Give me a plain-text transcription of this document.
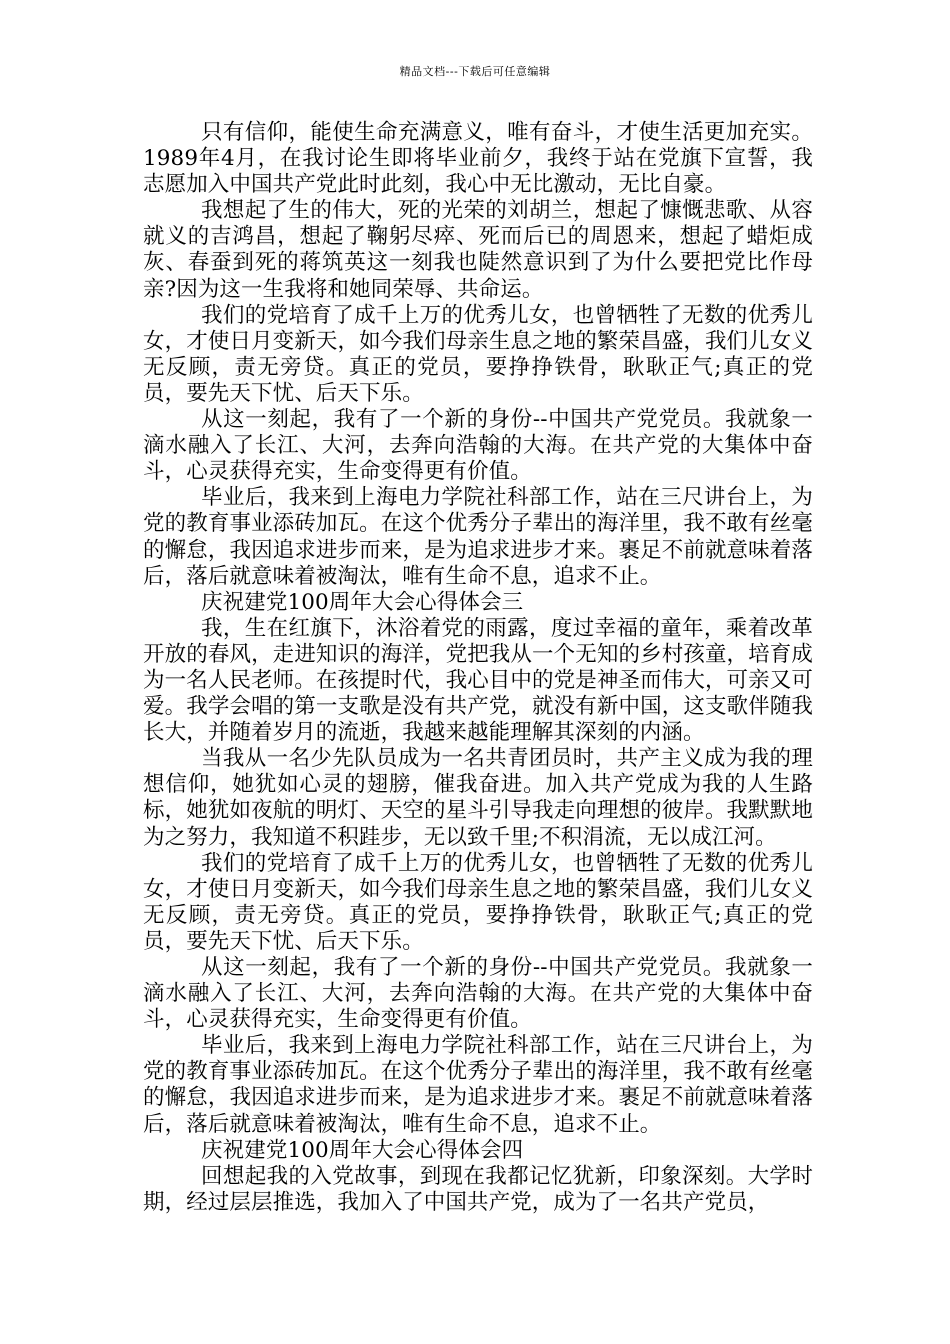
精品文档---下载后可任意编辑

只有信仰，能使生命充满意义，唯有奋斗，才使生活更加充实。1989年4月，在我讨论生即将毕业前夕，我终于站在党旗下宣誓，我志愿加入中国共产党此时此刻，我心中无比激动，无比自豪。

我想起了生的伟大，死的光荣的刘胡兰，想起了慷慨悲歌、从容就义的吉鸿昌，想起了鞠躬尽瘁、死而后已的周恩来，想起了蜡炬成灰、春蚕到死的蒋筑英这一刻我也陡然意识到了为什么要把党比作母亲?因为这一生我将和她同荣辱、共命运。

我们的党培育了成千上万的优秀儿女，也曾牺牲了无数的优秀儿女，才使日月变新天，如今我们母亲生息之地的繁荣昌盛，我们儿女义无反顾，责无旁贷。真正的党员，要挣挣铁骨，耿耿正气;真正的党员，要先天下忧、后天下乐。

从这一刻起，我有了一个新的身份--中国共产党党员。我就象一滴水融入了长江、大河，去奔向浩翰的大海。在共产党的大集体中奋斗，心灵获得充实，生命变得更有价值。

毕业后，我来到上海电力学院社科部工作，站在三尺讲台上，为党的教育事业添砖加瓦。在这个优秀分子辈出的海洋里，我不敢有丝毫的懈怠，我因追求进步而来，是为追求进步才来。裹足不前就意味着落后，落后就意味着被淘汰，唯有生命不息，追求不止。

庆祝建党100周年大会心得体会三

我，生在红旗下，沐浴着党的雨露，度过幸福的童年，乘着改革开放的春风，走进知识的海洋，党把我从一个无知的乡村孩童，培育成为一名人民老师。在孩提时代，我心目中的党是神圣而伟大，可亲又可爱。我学会唱的第一支歌是没有共产党，就没有新中国，这支歌伴随我长大，并随着岁月的流逝，我越来越能理解其深刻的内涵。

当我从一名少先队员成为一名共青团员时，共产主义成为我的理想信仰，她犹如心灵的翅膀，催我奋进。加入共产党成为我的人生路标，她犹如夜航的明灯、天空的星斗引导我走向理想的彼岸。我默默地为之努力，我知道不积跬步，无以致千里;不积涓流，无以成江河。

我们的党培育了成千上万的优秀儿女，也曾牺牲了无数的优秀儿女，才使日月变新天，如今我们母亲生息之地的繁荣昌盛，我们儿女义无反顾，责无旁贷。真正的党员，要挣挣铁骨，耿耿正气;真正的党员，要先天下忧、后天下乐。

从这一刻起，我有了一个新的身份--中国共产党党员。我就象一滴水融入了长江、大河，去奔向浩翰的大海。在共产党的大集体中奋斗，心灵获得充实，生命变得更有价值。

毕业后，我来到上海电力学院社科部工作，站在三尺讲台上，为党的教育事业添砖加瓦。在这个优秀分子辈出的海洋里，我不敢有丝毫的懈怠，我因追求进步而来，是为追求进步才来。裹足不前就意味着落后，落后就意味着被淘汰，唯有生命不息，追求不止。

庆祝建党100周年大会心得体会四

回想起我的入党故事，到现在我都记忆犹新，印象深刻。大学时期，经过层层推选，我加入了中国共产党，成为了一名共产党员，
